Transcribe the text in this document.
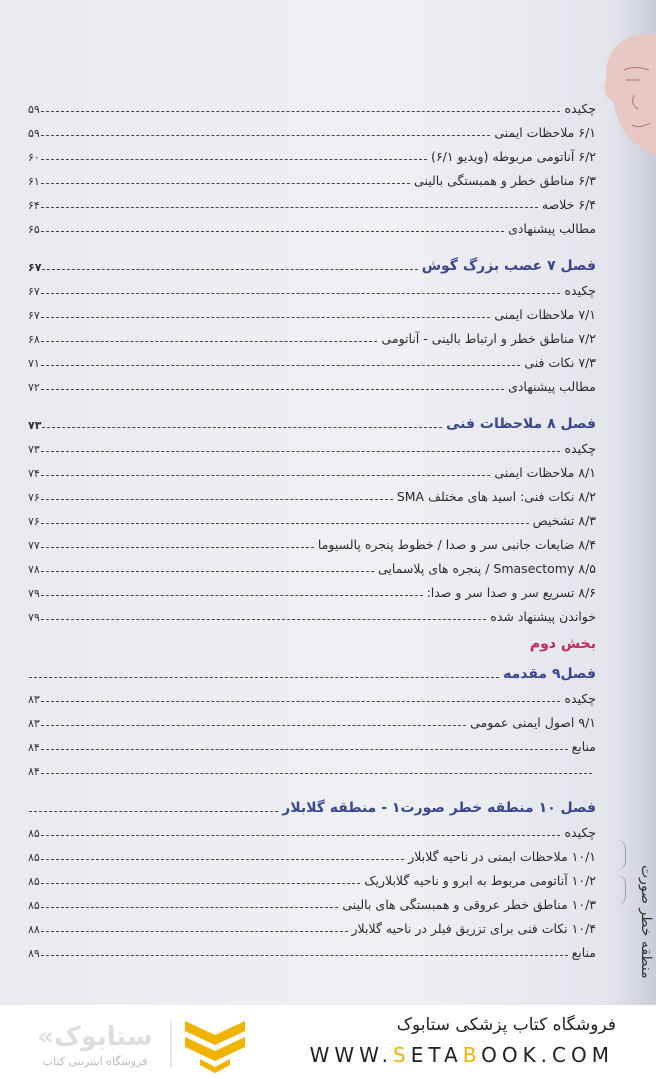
چکیده
۵۹
۶/۱ ملاحظات ایمنی
۵۹
۶/۲ آناتومی مربوطه (ویدیو ۶/۱)
۶۰
۶/۳ مناطق خطر و همبستگی بالینی
۶۱
۶/۴ خلاصه
۶۴
مطالب پیشنهادی
۶۵
فصل ۷ عصب بزرگ گوش
۶۷
چکیده
۶۷
۷/۱ ملاحظات ایمنی
۶۷
۷/۲ مناطق خطر و ارتباط بالینی - آناتومی
۶۸
۷/۳ نکات فنی
۷۱
مطالب پیشنهادی
۷۲
فصل ۸ ملاحظات فنی
۷۳
چکیده
۷۳
۸/۱ ملاحظات ایمنی
۷۴
۸/۲ نکات فنی: اسید های مختلف SMA
۷۶
۸/۳ تشخیص
۷۶
۸/۴ ضایعات جانبی سر و صدا / خطوط پنجره پالسیوما
۷۷
۸/۵ Smasectomy / پنجره های پلاسمایی
۷۸
۸/۶ تسریع سر و صدا سر و صدا:
۷۹
خواندن پیشنهاد شده
۷۹
بخش دوم
فصل۹ مقدمه
چکیده
۸۳
۹/۱ اصول ایمنی عمومی
۸۳
منابع
۸۴
۸۴
فصل ۱۰ منطقه خطر صورت۱ - منطقه گلابلار
چکیده
۸۵
۱۰/۱ ملاحظات ایمنی در ناحیه گلابلار
۸۵
۱۰/۲ آناتومی مربوط به ابرو و ناحیه گلابلاریک
۸۵
۱۰/۳ مناطق خطر عروقی و همبستگی های بالینی
۸۵
۱۰/۴ نکات فنی برای تزریق فیلر در ناحیه گلابلار
۸۸
منابع
۸۹	منطقه خطر صورت
«ستابوک
فروشگاه اینترنتی کتاب
فروشگاه کتاب پزشکی ستابوک
WWW.SETABOOK.COM
